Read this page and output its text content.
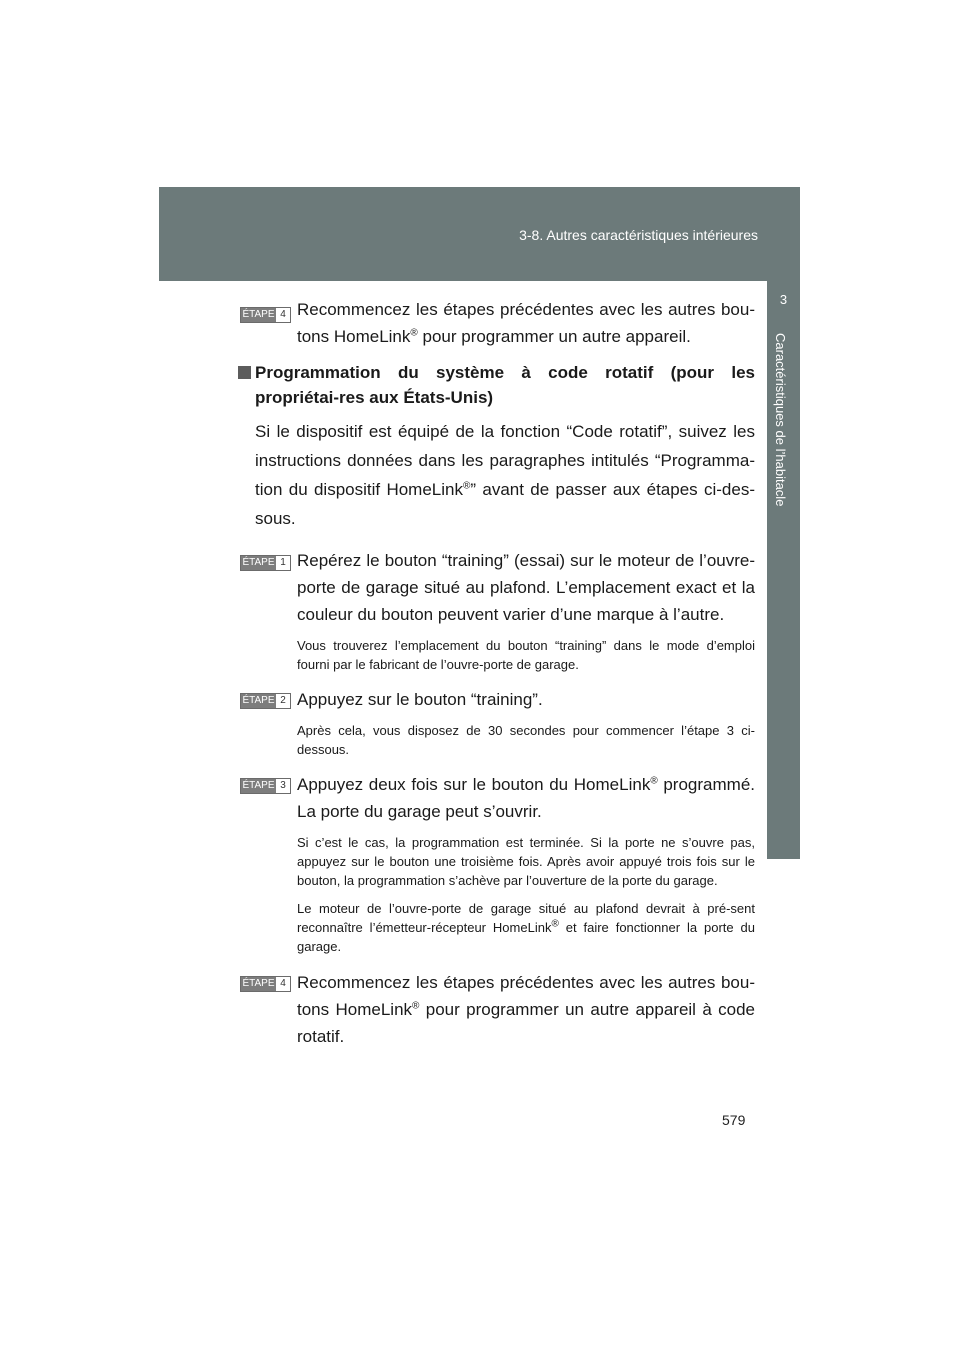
3-8. Autres caractéristiques intérieures
3
Caractéristiques de l’habitacle
ÉTAPE 4 Recommencez les étapes précédentes avec les autres bou-tons HomeLink® pour programmer un autre appareil.

Programmation du système à code rotatif (pour les propriétai-res aux États-Unis)
Si le dispositif est équipé de la fonction “Code rotatif”, suivez les instructions données dans les paragraphes intitulés “Programma-tion du dispositif HomeLink®” avant de passer aux étapes ci-des-sous.
ÉTAPE 1 Repérez le bouton “training” (essai) sur le moteur de l’ouvre-porte de garage situé au plafond. L’emplacement exact et la couleur du bouton peuvent varier d’une marque à l’autre.

Vous trouverez l’emplacement du bouton “training” dans le mode d’emploi fourni par le fabricant de l’ouvre-porte de garage.

ÉTAPE 2 Appuyez sur le bouton “training”.

Après cela, vous disposez de 30 secondes pour commencer l’étape 3 ci-dessous.

ÉTAPE 3 Appuyez deux fois sur le bouton du HomeLink® programmé. La porte du garage peut s’ouvrir.

Si c’est le cas, la programmation est terminée. Si la porte ne s’ouvre pas, appuyez sur le bouton une troisième fois. Après avoir appuyé trois fois sur le bouton, la programmation s’achève par l’ouverture de la porte du garage.

Le moteur de l’ouvre-porte de garage situé au plafond devrait à pré-sent reconnaître l’émetteur-récepteur HomeLink® et faire fonctionner la porte du garage.

ÉTAPE 4 Recommencez les étapes précédentes avec les autres bou-tons HomeLink® pour programmer un autre appareil à code rotatif.

579
